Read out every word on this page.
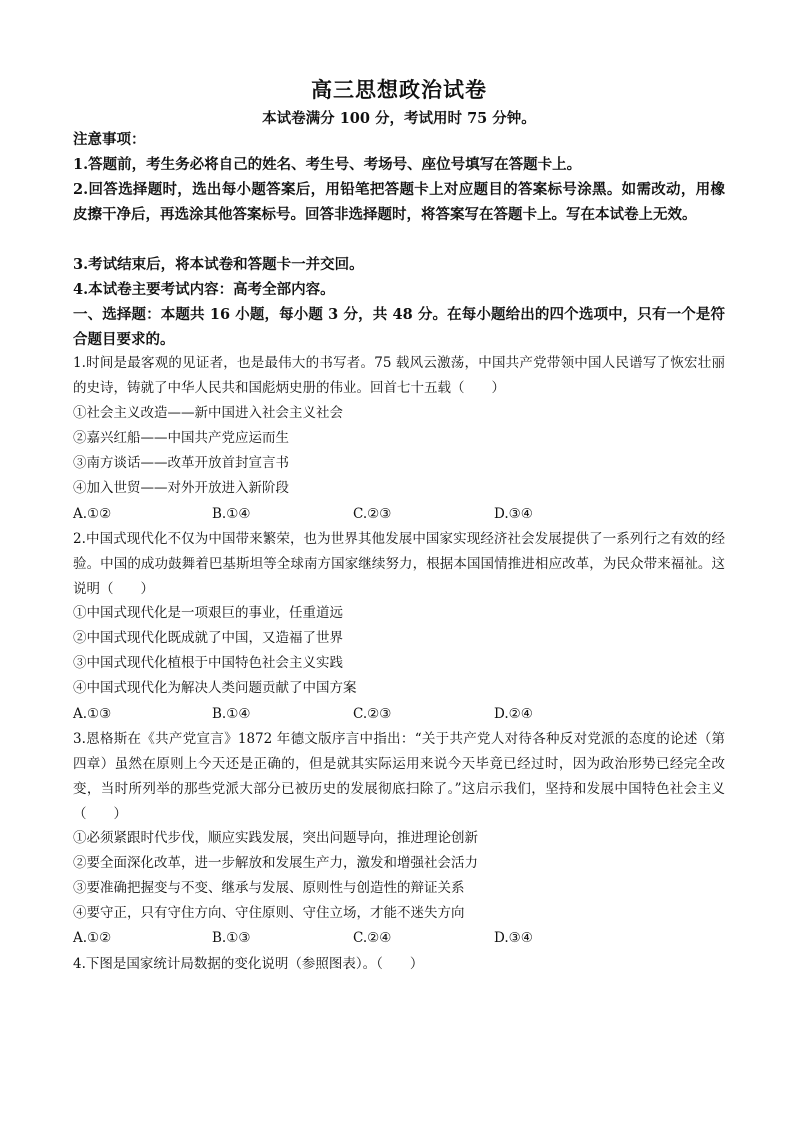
高三思想政治试卷
本试卷满分 100 分，考试用时 75 分钟。
注意事项：
1.答题前，考生务必将自己的姓名、考生号、考场号、座位号填写在答题卡上。
2.回答选择题时，选出每小题答案后，用铅笔把答题卡上对应题目的答案标号涂黑。如需改动，用橡皮擦干净后，再选涂其他答案标号。回答非选择题时，将答案写在答题卡上。写在本试卷上无效。
3.考试结束后，将本试卷和答题卡一并交回。
4.本试卷主要考试内容：高考全部内容。
一、选择题：本题共 16 小题，每小题 3 分，共 48 分。在每小题给出的四个选项中，只有一个是符合题目要求的。
1.时间是最客观的见证者，也是最伟大的书写者。75 载风云激荡，中国共产党带领中国人民谱写了恢宏壮丽的史诗，铸就了中华人民共和国彪炳史册的伟业。回首七十五载（　　）
①社会主义改造——新中国进入社会主义社会
②嘉兴红船——中国共产党应运而生
③南方谈话——改革开放首封宣言书
④加入世贸——对外开放进入新阶段
A.①②	B.①④	C.②③	D.③④
2.中国式现代化不仅为中国带来繁荣，也为世界其他发展中国家实现经济社会发展提供了一系列行之有效的经验。中国的成功鼓舞着巴基斯坦等全球南方国家继续努力，根据本国国情推进相应改革，为民众带来福祉。这说明（　　）
①中国式现代化是一项艰巨的事业，任重道远
②中国式现代化既成就了中国，又造福了世界
③中国式现代化植根于中国特色社会主义实践
④中国式现代化为解决人类问题贡献了中国方案
A.①③	B.①④	C.②③	D.②④
3.恩格斯在《共产党宣言》1872 年德文版序言中指出：“关于共产党人对待各种反对党派的态度的论述（第四章）虽然在原则上今天还是正确的，但是就其实际运用来说今天毕竟已经过时，因为政治形势已经完全改变，当时所列举的那些党派大部分已被历史的发展彻底扫除了。”这启示我们，坚持和发展中国特色社会主义（　　）
①必须紧跟时代步伐，顺应实践发展，突出问题导向，推进理论创新
②要全面深化改革，进一步解放和发展生产力，激发和增强社会活力
③要准确把握变与不变、继承与发展、原则性与创造性的辩证关系
④要守正，只有守住方向、守住原则、守住立场，才能不迷失方向
A.①②	B.①③	C.②④	D.③④
4.下图是国家统计局数据的变化说明（参照图表）。（　　）
